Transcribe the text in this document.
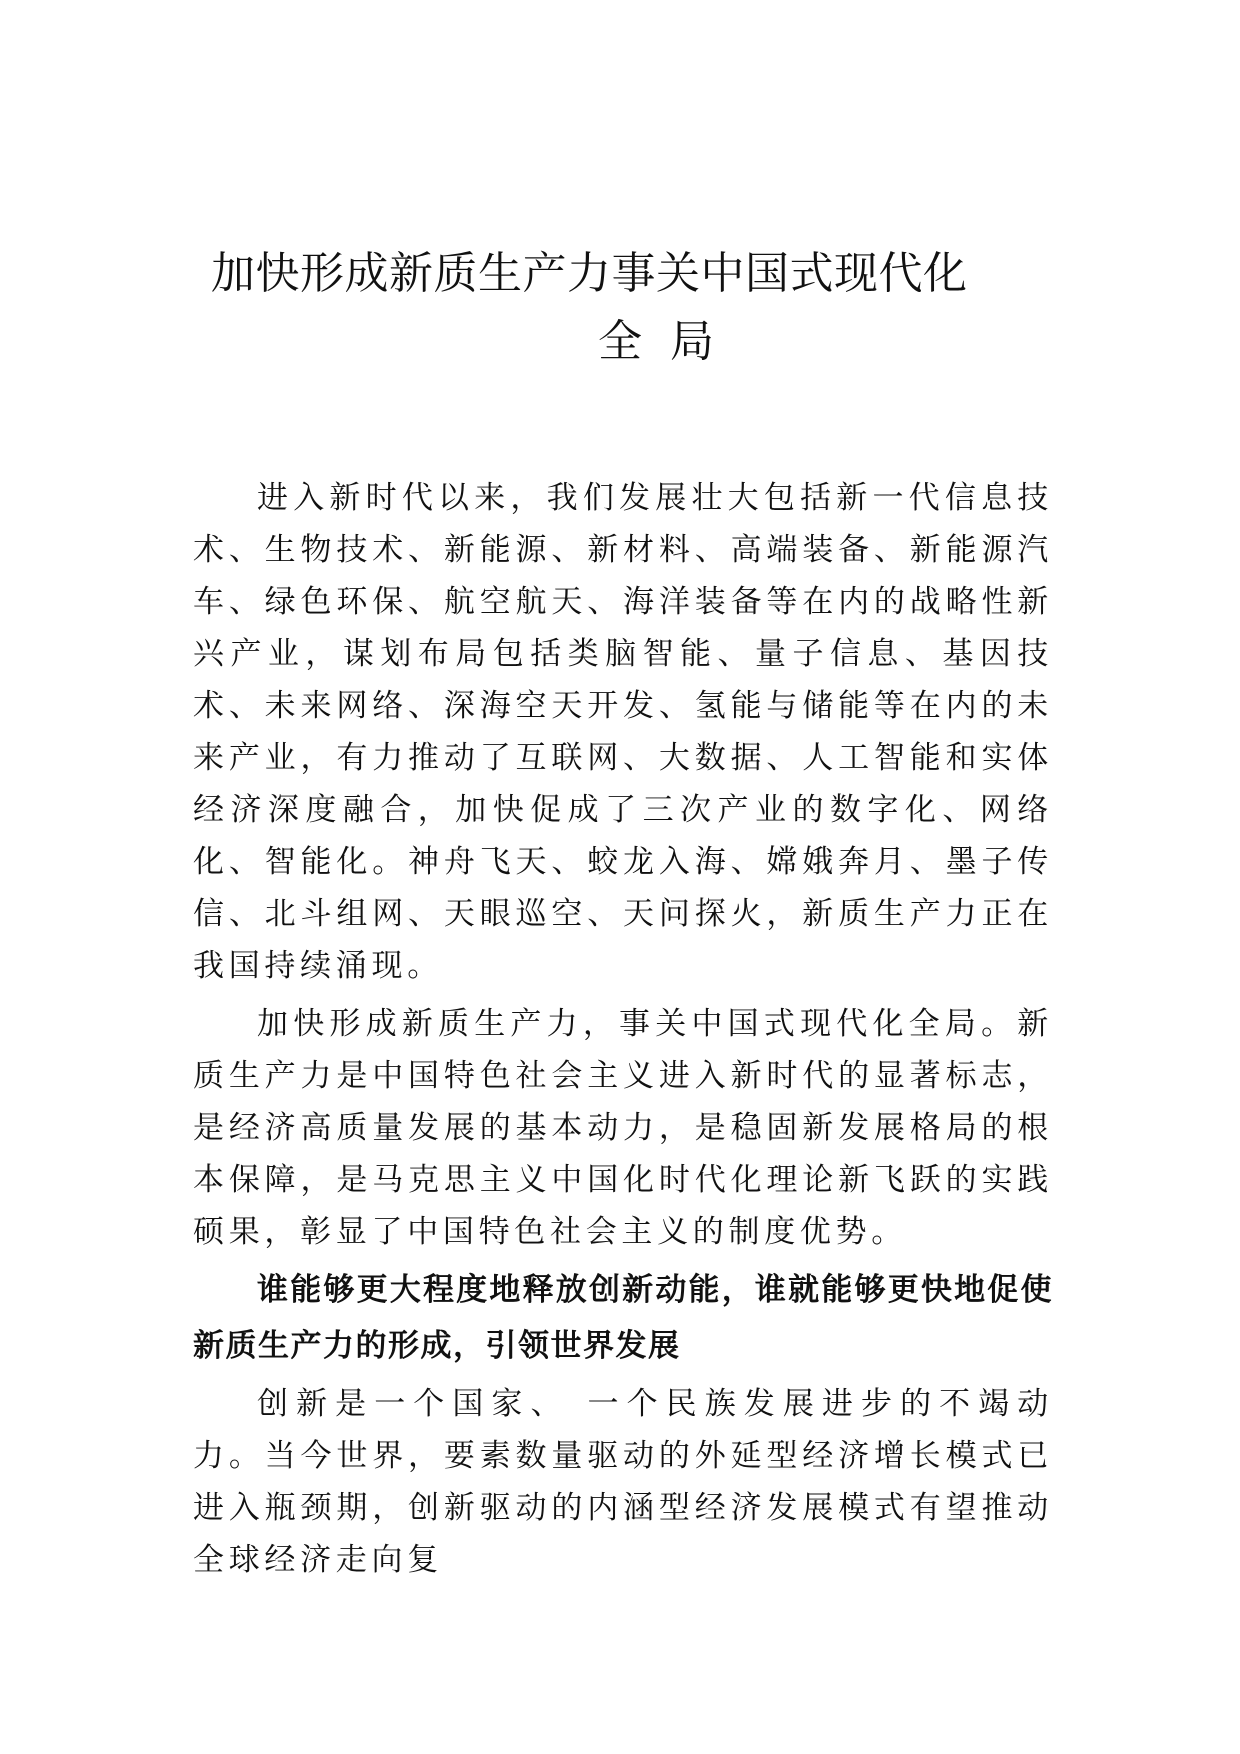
加快形成新质生产力事关中国式现代化
全局

进入新时代以来，我们发展壮大包括新一代信息技术、生物技术、新能源、新材料、高端装备、新能源汽车、绿色环保、航空航天、海洋装备等在内的战略性新兴产业，谋划布局包括类脑智能、量子信息、基因技术、未来网络、深海空天开发、氢能与储能等在内的未来产业，有力推动了互联网、大数据、人工智能和实体经济深度融合，加快促成了三次产业的数字化、网络化、智能化。神舟飞天、蛟龙入海、嫦娥奔月、墨子传信、北斗组网、天眼巡空、天问探火，新质生产力正在我国持续涌现。

加快形成新质生产力，事关中国式现代化全局。新质生产力是中国特色社会主义进入新时代的显著标志，是经济高质量发展的基本动力，是稳固新发展格局的根本保障，是马克思主义中国化时代化理论新飞跃的实践硕果，彰显了中国特色社会主义的制度优势。

谁能够更大程度地释放创新动能，谁就能够更快地促使新质生产力的形成，引领世界发展

创新是一个国家、 一个民族发展进步的不竭动力。当今世界，要素数量驱动的外延型经济增长模式已进入瓶颈期，创新驱动的内涵型经济发展模式有望推动全球经济走向复
